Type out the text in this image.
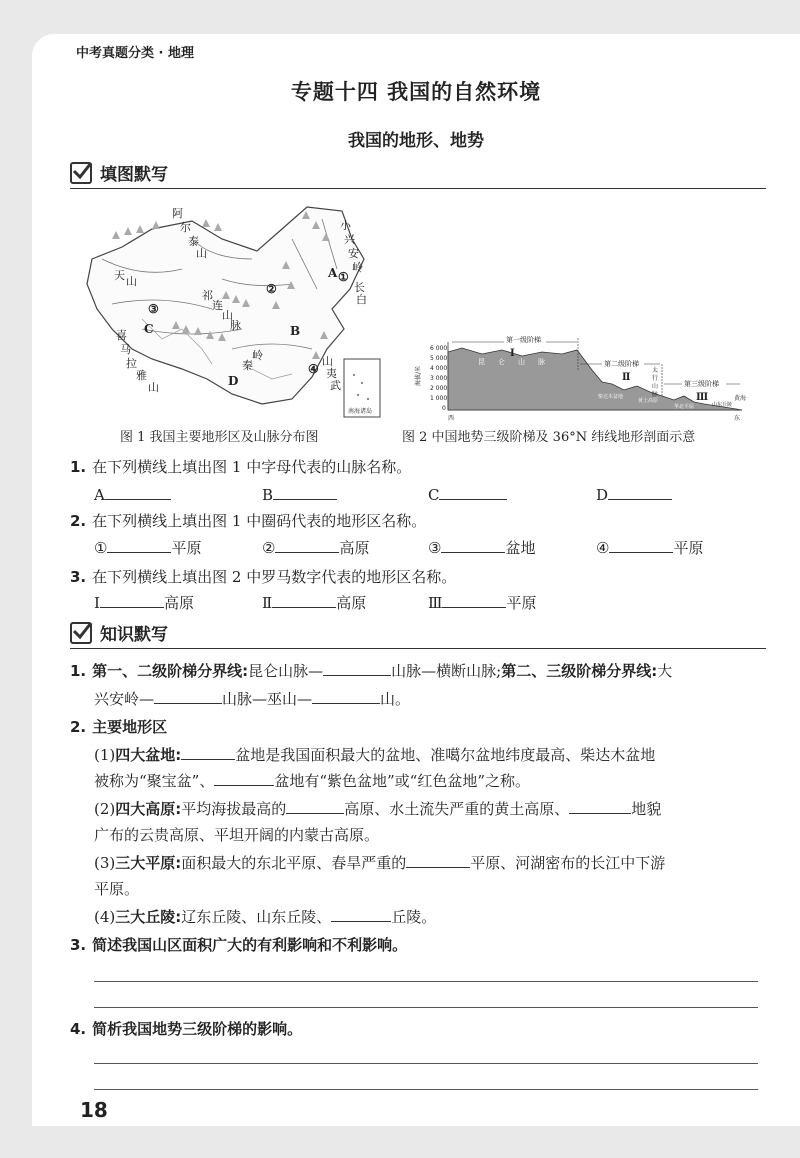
中考真题分类 · 地理
专题十四 我国的自然环境
我国的地形、地势
填图默写
阿
尔
泰
山
天 山
祁
连
山
脉
喜
马
拉
雅
山
秦
岭
小
兴
安
岭
长
白
武
夷
山
A
B
C
D
①
②
③
④
南海诸岛
6 000
5 000
4 000
3 000
2 000
1 000
0
海拔/米
第一级阶梯
第二级阶梯
第三级阶梯
Ⅰ
Ⅱ
Ⅲ
昆 仑 山 脉
柴达木盆地
黄土高原
华北平原
太
行
山
脉
黄海
山东丘陵
西	东
图 1 我国主要地形区及山脉分布图	图 2 中国地势三级阶梯及 36°N 纬线地形剖面示意
1. 在下列横线上填出图 1 中字母代表的山脉名称。
A	B	C	D
2. 在下列横线上填出图 1 中圈码代表的地形区名称。
①	平原	②	高原	③	盆地	④	平原
3. 在下列横线上填出图 2 中罗马数字代表的地形区名称。
Ⅰ	高原	Ⅱ	高原	Ⅲ	平原
知识默写
1. 第一、二级阶梯分界线:昆仑山脉—	山脉—横断山脉;第二、三级阶梯分界线:大
兴安岭—	山脉—巫山—	山。
2. 主要地形区
(1)四大盆地:	盆地是我国面积最大的盆地、准噶尔盆地纬度最高、柴达木盆地
被称为“聚宝盆”、	盆地有“紫色盆地”或“红色盆地”之称。
(2)四大高原:平均海拔最高的	高原、水土流失严重的黄土高原、	地貌
广布的云贵高原、平坦开阔的内蒙古高原。
(3)三大平原:面积最大的东北平原、春旱严重的	平原、河湖密布的长江中下游
平原。
(4)三大丘陵:辽东丘陵、山东丘陵、	丘陵。
3. 简述我国山区面积广大的有利影响和不利影响。
4. 简析我国地势三级阶梯的影响。
18
